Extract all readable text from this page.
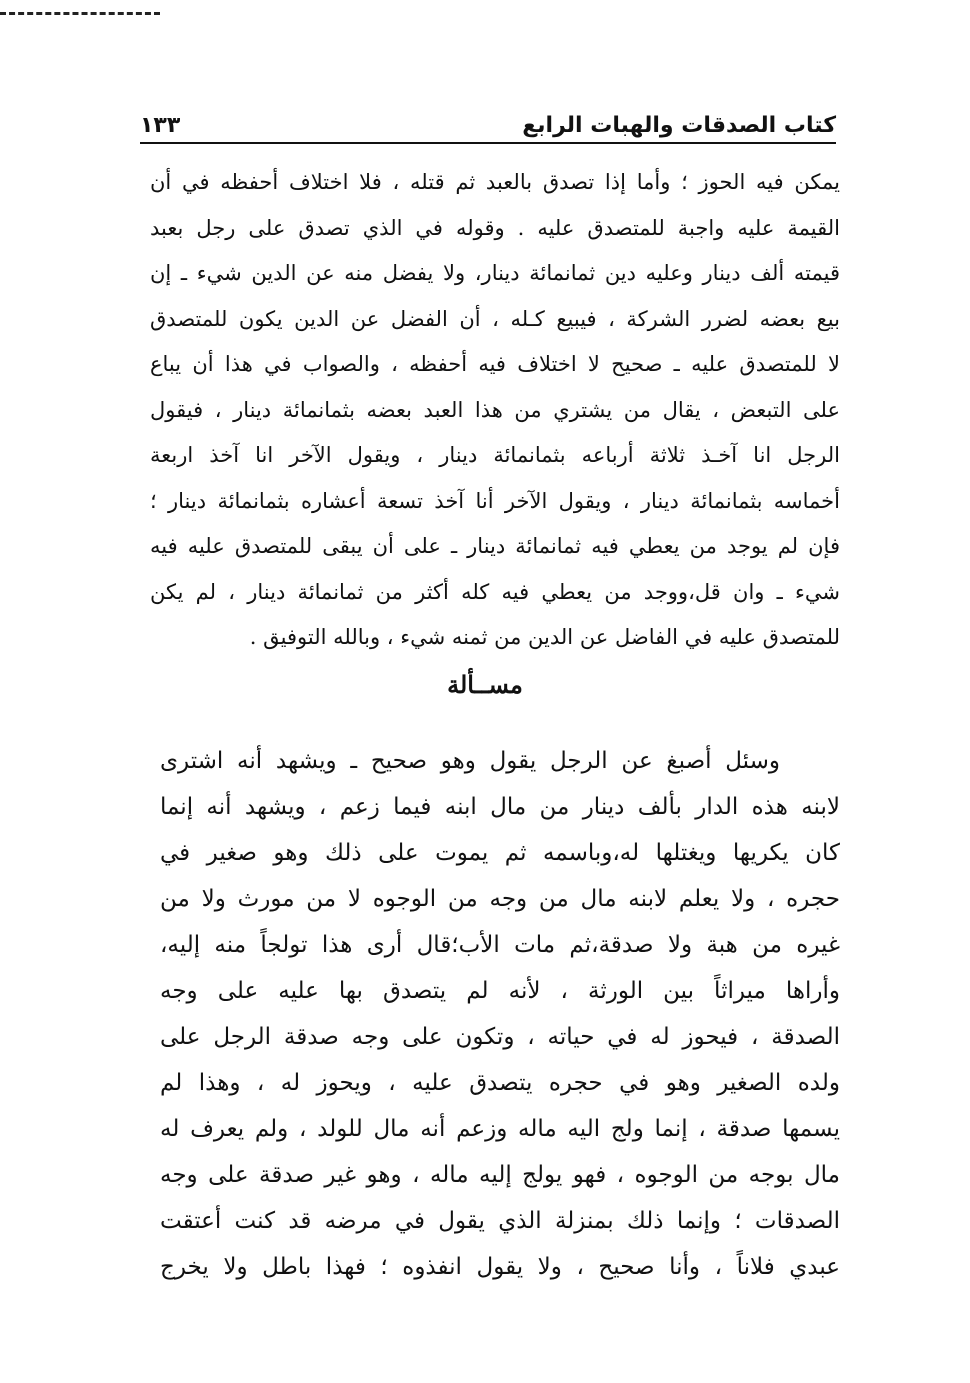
كتاب الصدقات والهبات الرابع
١٣٣
يمكن فيه الحوز ؛ وأما إذا تصدق بالعبد ثم قتله ، فلا اختلاف أحفظه في أن
القيمة عليه واجبة للمتصدق عليه . وقوله في الذي تصدق على رجل بعبد
قيمته ألف دينار وعليه دين ثمانمائة دينار، ولا يفضل منه عن الدين شيء ـ إن
بيع بعضه لضرر الشركة ، فيبيع كـله ، أن الفضل عن الدين يكون للمتصدق
لا للمتصدق عليه ـ صحيح لا اختلاف فيه أحفظه ، والصواب في هذا أن يباع
على التبعض ، يقال من يشتري من هذا العبد بعضه بثمانمائة دينار ، فيقول
الرجل انا آخـذ ثلاثة أرباعه بثمانمائة دينار ، ويقول الآخر انا آخذ اربعة
أخماسه بثمانمائة دينار ، ويقول الآخر أنا آخذ تسعة أعشاره بثمانمائة دينار ؛
فإن لم يوجد من يعطي فيه ثمانمائة دينار ـ على أن يبقى للمتصدق عليه فيه
شيء ـ وان قل،ووجد من يعطي فيه كله أكثر من ثمانمائة دينار ، لم يكن
للمتصدق عليه في الفاضل عن الدين من ثمنه شيء ، وبالله التوفيق .
مســألة
وسئل أصبغ عن الرجل يقول وهو صحيح ـ ويشهد أنه اشترى
لابنه هذه الدار بألف دينار من مال ابنه فيما زعم ، ويشهد أنه إنما
كان يكريها ويغتلها له،وباسمه ثم يموت على ذلك وهو صغير في
حجره ، ولا يعلم لابنه مال من وجه من الوجوه لا من مورث ولا من
غيره من هبة ولا صدقة،ثم مات الأب؛قال أرى هذا تولجاً منه إليه،
وأراها ميراثاً بين الورثة ، لأنه لم يتصدق بها عليه على وجه
الصدقة ، فيحوز له في حياته ، وتكون على وجه صدقة الرجل على
ولده الصغير وهو في حجره يتصدق عليه ، ويحوز له ، وهذا لم
يسمها صدقة ، إنما ولج اليه ماله وزعم أنه مال للولد ، ولم يعرف له
مال بوجه من الوجوه ، فهو يولج إليه ماله ، وهو غير صدقة على وجه
الصدقات ؛ وإنما ذلك بمنزلة الذي يقول في مرضه قد كنت أعتقت
عبدي فلاناً ، وأنا صحيح ، ولا يقول انفذوه ؛ فهذا باطل ولا يخرج
